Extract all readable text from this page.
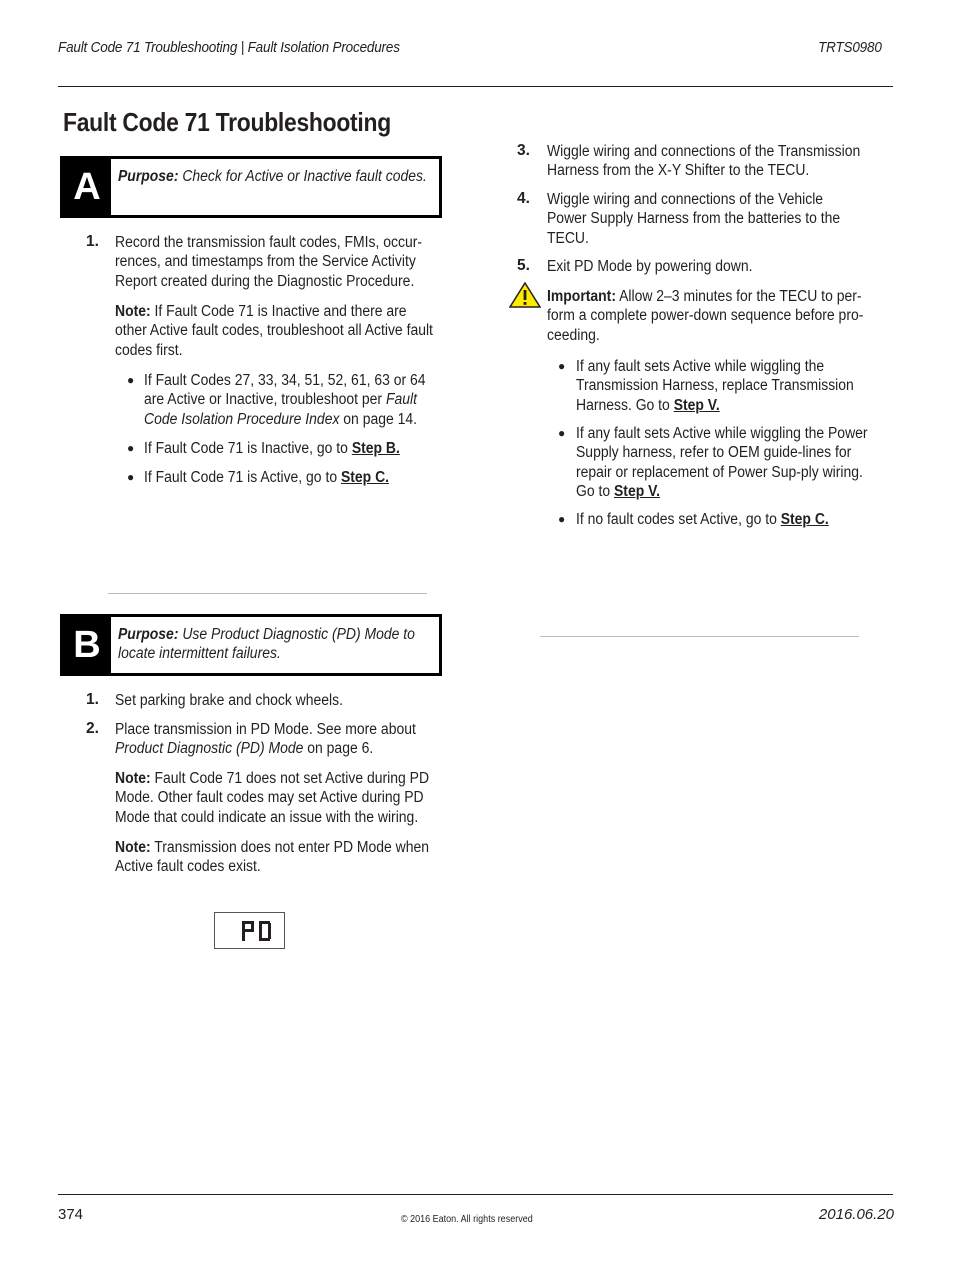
Fault Code 71 Troubleshooting | Fault Isolation Procedures	TRTS0980
Fault Code 71 Troubleshooting
A	Purpose: Check for Active or Inactive fault codes.
1. Record the transmission fault codes, FMIs, occur-rences, and timestamps from the Service Activity Report created during the Diagnostic Procedure.
Note: If Fault Code 71 is Inactive and there are other Active fault codes, troubleshoot all Active fault codes first.
● If Fault Codes 27, 33, 34, 51, 52, 61, 63 or 64 are Active or Inactive, troubleshoot per Fault Code Isolation Procedure Index on page 14.
● If Fault Code 71 is Inactive, go to Step B.
● If Fault Code 71 is Active, go to Step C.
3. Wiggle wiring and connections of the Transmission Harness from the X-Y Shifter to the TECU.
4. Wiggle wiring and connections of the Vehicle Power Supply Harness from the batteries to the TECU.
5. Exit PD Mode by powering down.
Important: Allow 2–3 minutes for the TECU to per-form a complete power-down sequence before pro-ceeding.
● If any fault sets Active while wiggling the Transmission Harness, replace Transmission Harness. Go to Step V.
● If any fault sets Active while wiggling the Power Supply harness, refer to OEM guide-lines for repair or replacement of Power Sup-ply wiring. Go to Step V.
● If no fault codes set Active, go to Step C.
B	Purpose: Use Product Diagnostic (PD) Mode to locate intermittent failures.
1. Set parking brake and chock wheels.
2. Place transmission in PD Mode. See more about Product Diagnostic (PD) Mode on page 6.
Note: Fault Code 71 does not set Active during PD Mode. Other fault codes may set Active during PD Mode that could indicate an issue with the wiring.
Note: Transmission does not enter PD Mode when Active fault codes exist.
374	© 2016 Eaton. All rights reserved	2016.06.20
